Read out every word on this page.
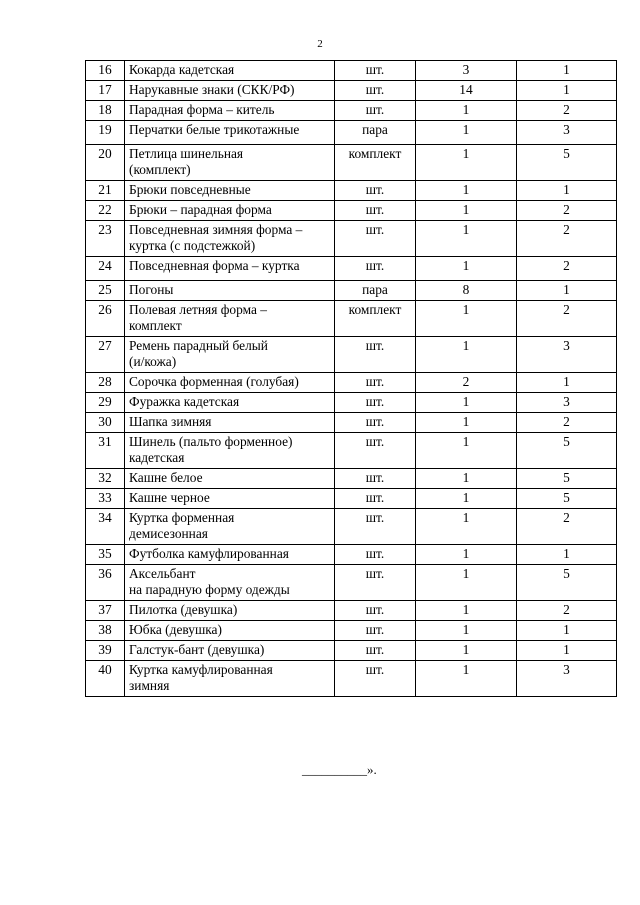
2
16	Кокарда кадетская	шт.	3	1
17	Нарукавные знаки (СКК/РФ)	шт.	14	1
18	Парадная форма – китель	шт.	1	2
19	Перчатки белые трикотажные	пара	1	3
20	Петлица шинельная
(комплект)	комплект	1	5
21	Брюки повседневные	шт.	1	1
22	Брюки – парадная форма	шт.	1	2
23	Повседневная зимняя форма –
куртка (с подстежкой)	шт.	1	2
24	Повседневная форма – куртка	шт.	1	2
25	Погоны	пара	8	1
26	Полевая летняя форма –
комплект	комплект	1	2
27	Ремень парадный белый
(и/кожа)	шт.	1	3
28	Сорочка форменная (голубая)	шт.	2	1
29	Фуражка кадетская	шт.	1	3
30	Шапка зимняя	шт.	1	2
31	Шинель (пальто форменное)
кадетская	шт.	1	5
32	Кашне белое	шт.	1	5
33	Кашне черное	шт.	1	5
34	Куртка форменная
демисезонная	шт.	1	2
35	Футболка камуфлированная	шт.	1	1
36	Аксельбант
на парадную форму одежды	шт.	1	5
37	Пилотка (девушка)	шт.	1	2
38	Юбка (девушка)	шт.	1	1
39	Галстук-бант (девушка)	шт.	1	1
40	Куртка камуфлированная
зимняя	шт.	1	3
__________».
